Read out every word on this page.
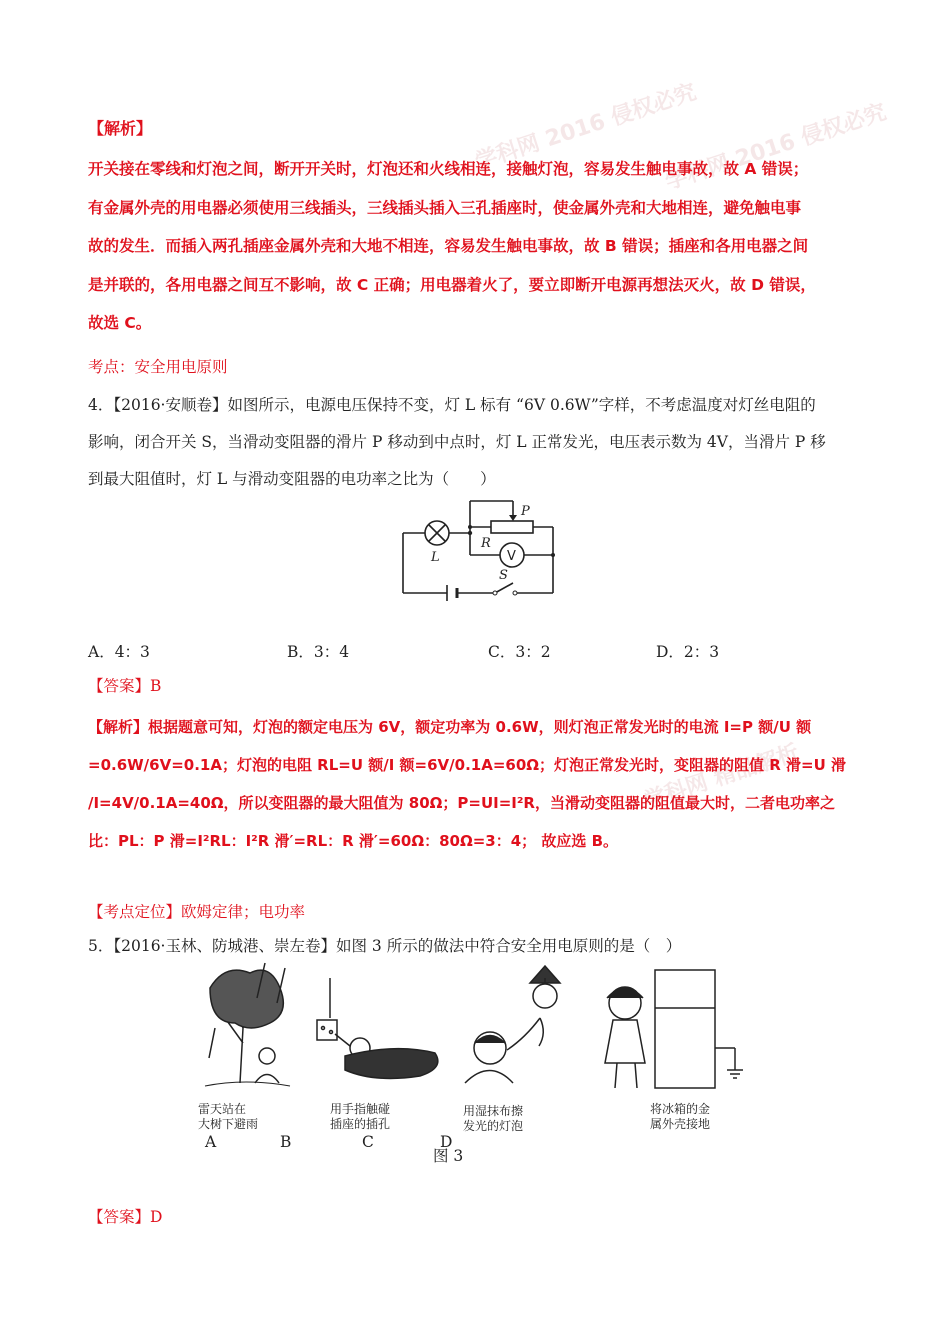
学科网 2016 侵权必究
学科网 2016 侵权必究
学科网 精品解析
【解析】
开关接在零线和灯泡之间，断开开关时，灯泡还和火线相连，接触灯泡，容易发生触电事故，故 A 错误；
有金属外壳的用电器必须使用三线插头，三线插头插入三孔插座时，使金属外壳和大地相连，避免触电事
故的发生．而插入两孔插座金属外壳和大地不相连，容易发生触电事故，故 B 错误；插座和各用电器之间
是并联的，各用电器之间互不影响，故 C 正确；用电器着火了，要立即断开电源再想法灭火，故 D 错误，
故选 C。
考点：安全用电原则
4．【2016·安顺卷】如图所示，电源电压保持不变，灯 L 标有 “6V 0.6W”字样，不考虑温度对灯丝电阻的
影响，闭合开关 S，当滑动变阻器的滑片 P 移动到中点时，灯 L 正常发光，电压表示数为 4V，当滑片 P 移
到最大阻值时，灯 L 与滑动变阻器的电功率之比为（　　）
P
R
V
L
S
A．4：3	B．3：4	C．3：2	D．2：3
【答案】B
【解析】根据题意可知，灯泡的额定电压为 6V，额定功率为 0.6W，则灯泡正常发光时的电流 I=P 额/U 额
=0.6W/6V=0.1A；灯泡的电阻 RL=U 额/I 额=6V/0.1A=60Ω；灯泡正常发光时，变阻器的阻值 R 滑=U 滑
/I=4V/0.1A=40Ω，所以变阻器的最大阻值为 80Ω；P=UI=I²R，当滑动变阻器的阻值最大时，二者电功率之
比：PL：P 滑=I²RL：I²R 滑′=RL：R 滑′=60Ω：80Ω=3：4； 故应选 B。
【考点定位】欧姆定律；电功率
5．【2016·玉林、防城港、崇左卷】如图 3 所示的做法中符合安全用电原则的是（　）
雷天站在
大树下避雨
用手指触碰
插座的插孔
用湿抹布擦
发光的灯泡
将冰箱的金
属外壳接地
A	B	C	D
图 3
【答案】D
